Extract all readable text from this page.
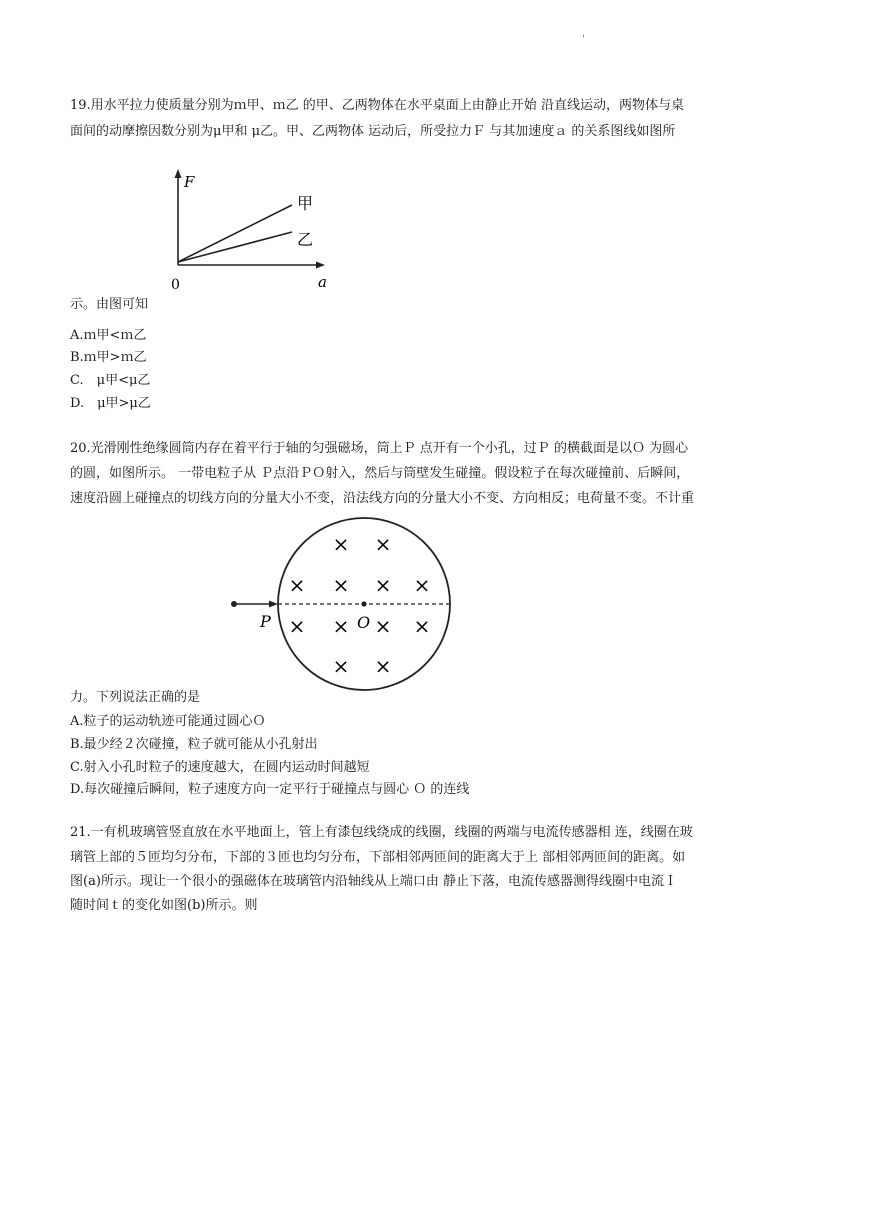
'

19.用水平拉力使质量分别为ｍ甲、ｍ乙 的甲、乙两物体在水平桌面上由静止开始 沿直线运动，两物体与桌

面间的动摩擦因数分别为μ甲和 μ乙。甲、乙两物体 运动后，所受拉力Ｆ 与其加速度ａ 的关系图线如图所

F
a
0
甲
乙

示。由图可知

A.ｍ甲<ｍ乙
B.ｍ甲>ｍ乙
C.　μ甲<μ乙
D.　μ甲>μ乙

20.光滑刚性绝缘圆筒内存在着平行于轴的匀强磁场，筒上Ｐ 点开有一个小孔，过Ｐ 的横截面是以Ｏ 为圆心

的圆，如图所示。 一带电粒子从 Ｐ点沿ＰＯ射入，然后与筒壁发生碰撞。假设粒子在每次碰撞前、后瞬间，

速度沿圆上碰撞点的切线方向的分量大小不变，沿法线方向的分量大小不变、方向相反；电荷量不变。不计重

P	O
× ×
× × × ×
× × × ×
× ×

力。下列说法正确的是

A.粒子的运动轨迹可能通过圆心Ｏ
B.最少经２次碰撞，粒子就可能从小孔射出
C.射入小孔时粒子的速度越大，在圆内运动时间越短
D.每次碰撞后瞬间，粒子速度方向一定平行于碰撞点与圆心 Ｏ 的连线

21.一有机玻璃管竖直放在水平地面上，管上有漆包线绕成的线圈，线圈的两端与电流传感器相 连，线圈在玻

璃管上部的５匝均匀分布，下部的３匝也均匀分布，下部相邻两匝间的距离大于上 部相邻两匝间的距离。如

图(a)所示。现让一个很小的强磁体在玻璃管内沿轴线从上端口由 静止下落，电流传感器测得线圈中电流Ｉ

随时间ｔ的变化如图(b)所示。则
